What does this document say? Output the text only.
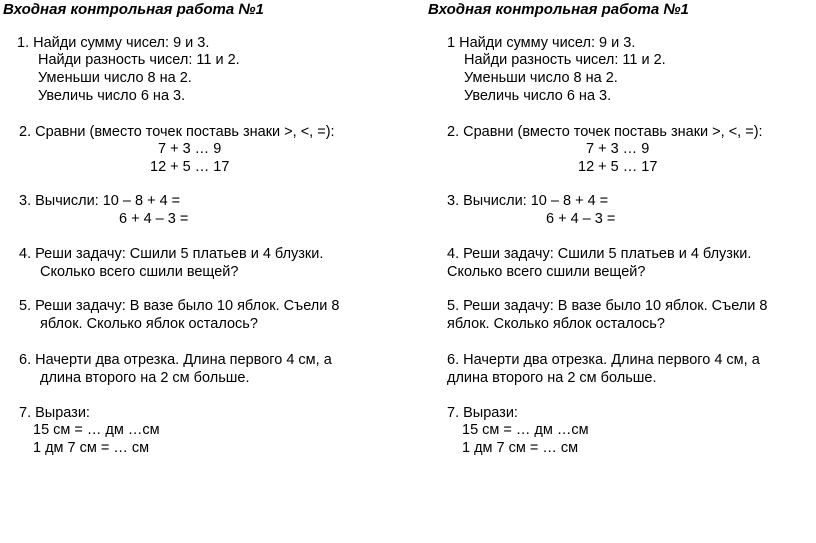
Входная контрольная работа №1
1. Найди сумму чисел: 9 и 3.
Найди разность чисел: 11 и 2.
Уменьши число 8 на 2.
Увеличь число 6 на 3.
2. Сравни (вместо точек поставь знаки >, <, =):
7 + 3 … 9
12 + 5 … 17
3. Вычисли: 10 – 8 + 4 =
6 + 4 – 3 =
4. Реши задачу: Сшили 5 платьев и 4 блузки.
Сколько всего сшили вещей?
5. Реши задачу: В вазе было 10 яблок. Съели 8
яблок. Сколько яблок осталось?
6. Начерти два отрезка. Длина первого 4 см, а
длина второго на 2 см больше.
7. Вырази:
15 см = … дм …см
1 дм 7 см = … см
Входная контрольная работа №1
1 Найди сумму чисел: 9 и 3.
Найди разность чисел: 11 и 2.
Уменьши число 8 на 2.
Увеличь число 6 на 3.
2. Сравни (вместо точек поставь знаки >, <, =):
7 + 3 … 9
12 + 5 … 17
3. Вычисли: 10 – 8 + 4 =
6 + 4 – 3 =
4. Реши задачу: Сшили 5 платьев и 4 блузки.
Сколько всего сшили вещей?
5. Реши задачу: В вазе было 10 яблок. Съели 8
яблок. Сколько яблок осталось?
6. Начерти два отрезка. Длина первого 4 см, а
длина второго на 2 см больше.
7. Вырази:
15 см = … дм …см
1 дм 7 см = … см
